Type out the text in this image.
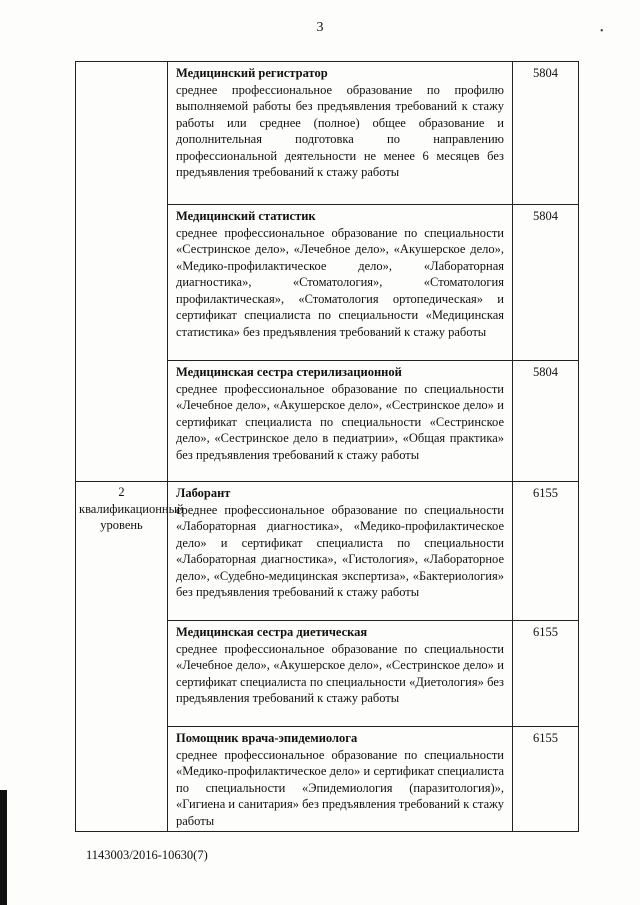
3	•

	Медицинский регистратор
среднее профессиональное образование по профилю выполняемой работы без предъявления требований к стажу работы или среднее (полное) общее образование и дополнительная подготовка по направлению профессиональной деятельности не менее 6 месяцев без предъявления требований к стажу работы	5804

	Медицинский статистик
среднее профессиональное образование по специальности «Сестринское дело», «Лечебное дело», «Акушерское дело», «Медико-профилактическое дело», «Лабораторная диагностика», «Стоматология», «Стоматология профилактическая», «Стоматология ортопедическая» и сертификат специалиста по специальности «Медицинская статистика» без предъявления требований к стажу работы	5804

	Медицинская сестра стерилизационной
среднее профессиональное образование по специальности «Лечебное дело», «Акушерское дело», «Сестринское дело» и сертификат специалиста по специальности «Сестринское дело», «Сестринское дело в педиатрии», «Общая практика» без предъявления требований к стажу работы	5804

2 квалификационный уровень	Лаборант
среднее профессиональное образование по специальности «Лабораторная диагностика», «Медико-профилактическое дело» и сертификат специалиста по специальности «Лабораторная диагностика», «Гистология», «Лабораторное дело», «Судебно-медицинская экспертиза», «Бактериология» без предъявления требований к стажу работы	6155

	Медицинская сестра диетическая
среднее профессиональное образование по специальности «Лечебное дело», «Акушерское дело», «Сестринское дело» и сертификат специалиста по специальности «Диетология» без предъявления требований к стажу работы	6155

	Помощник врача-эпидемиолога
среднее профессиональное образование по специальности «Медико-профилактическое дело» и сертификат специалиста по специальности «Эпидемиология (паразитология)», «Гигиена и санитария» без предъявления требований к стажу работы	6155
1143003/2016-10630(7)
